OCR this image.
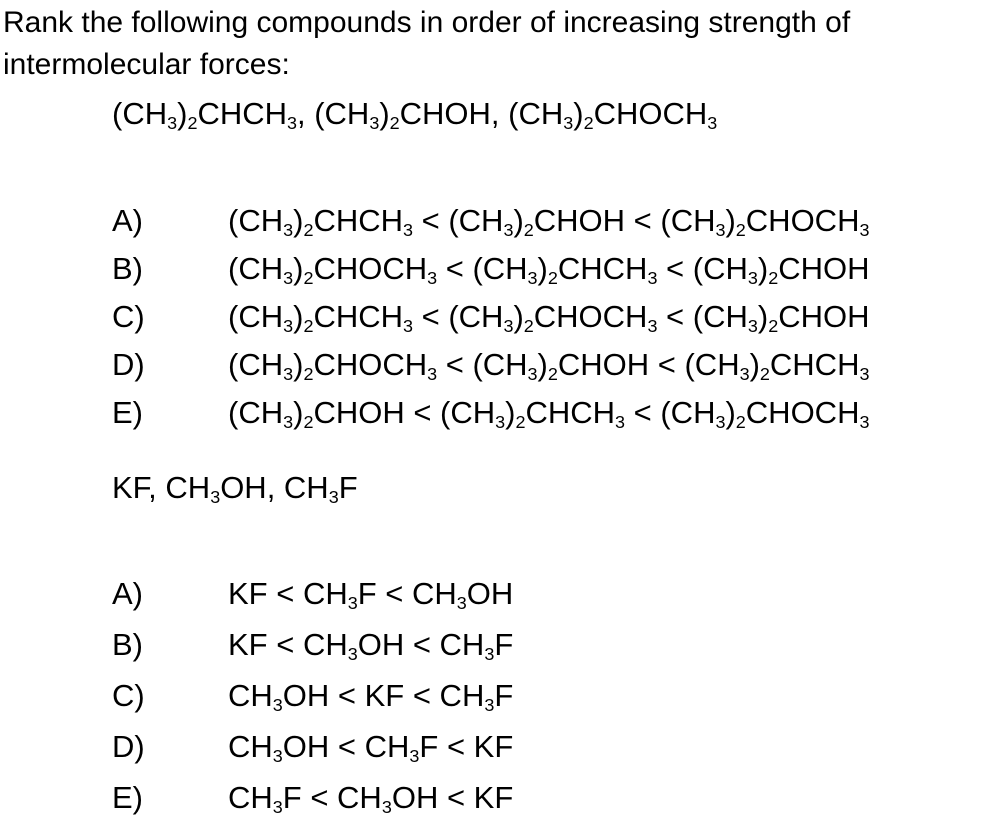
Rank the following compounds in order of increasing strength of intermolecular forces:
$(CH_3)_2CHCH_3$, $(CH_3)_2CHOH$, $(CH_3)_2CHOCH_3$
A)	$(CH_3)_2CHCH_3$ < $(CH_3)_2CHOH$ < $(CH_3)_2CHOCH_3$
B)	$(CH_3)_2CHOCH_3$ < $(CH_3)_2CHCH_3$ < $(CH_3)_2CHOH$
C)	$(CH_3)_2CHCH_3$ < $(CH_3)_2CHOCH_3$ < $(CH_3)_2CHOH$
D)	$(CH_3)_2CHOCH_3$ < $(CH_3)_2CHOH$ < $(CH_3)_2CHCH_3$
E)	$(CH_3)_2CHOH$ < $(CH_3)_2CHCH_3$ < $(CH_3)_2CHOCH_3$
KF, $CH_3OH$, $CH_3F$
A)	KF < $CH_3F < CH_3OH$
B)	KF < $CH_3OH < CH_3F$
C)	$CH_3OH$ < KF < $CH_3F$
D)	$CH_3OH < CH_3F$ < KF
E)	$CH_3F < CH_3OH$ < KF
